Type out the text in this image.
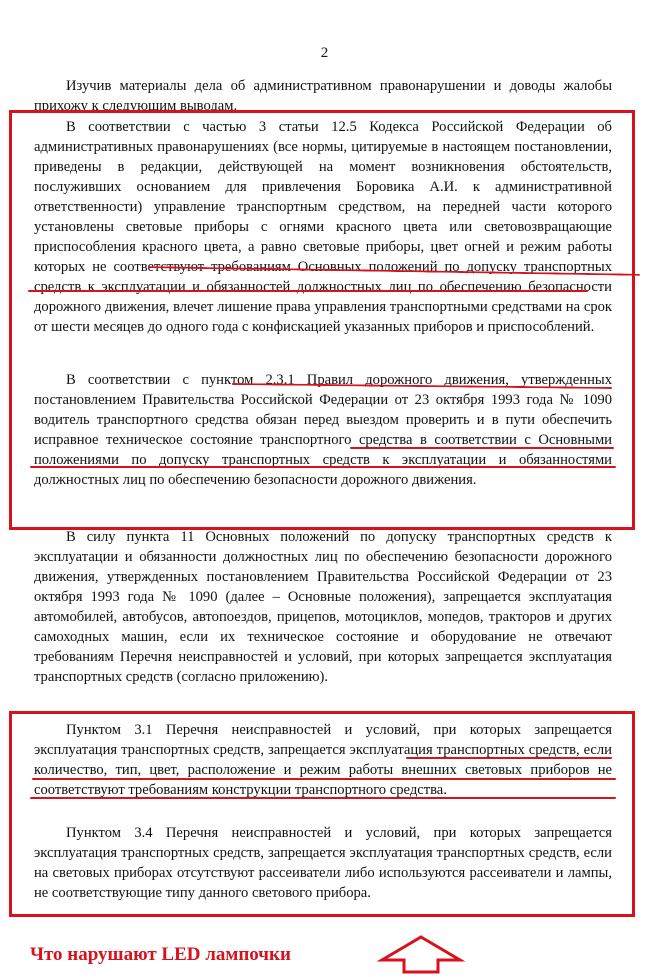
2

Изучив материалы дела об административном правонарушении и доводы жалобы прихожу к следующим выводам.

В соответствии с частью 3 статьи 12.5 Кодекса Российской Федерации об административных правонарушениях (все нормы, цитируемые в настоящем постановлении, приведены в редакции, действующей на момент возникновения обстоятельств, послуживших основанием для привлечения Боровика А.И. к административной ответственности) управление транспортным средством, на передней части которого установлены световые приборы с огнями красного цвета или световозвращающие приспособления красного цвета, а равно световые приборы, цвет огней и режим работы которых не соответствуют требованиям Основных положений по допуску транспортных средств к эксплуатации и обязанностей должностных лиц по обеспечению безопасности дорожного движения, влечет лишение права управления транспортными средствами на срок от шести месяцев до одного года с конфискацией указанных приборов и приспособлений.

В соответствии с пунктом 2.3.1 Правил дорожного движения, утвержденных постановлением Правительства Российской Федерации от 23 октября 1993 года № 1090 водитель транспортного средства обязан перед выездом проверить и в пути обеспечить исправное техническое состояние транспортного средства в соответствии с Основными положениями по допуску транспортных средств к эксплуатации и обязанностями должностных лиц по обеспечению безопасности дорожного движения.

В силу пункта 11 Основных положений по допуску транспортных средств к эксплуатации и обязанности должностных лиц по обеспечению безопасности дорожного движения, утвержденных постановлением Правительства Российской Федерации от 23 октября 1993 года № 1090 (далее – Основные положения), запрещается эксплуатация автомобилей, автобусов, автопоездов, прицепов, мотоциклов, мопедов, тракторов и других самоходных машин, если их техническое состояние и оборудование не отвечают требованиям Перечня неисправностей и условий, при которых запрещается эксплуатация транспортных средств (согласно приложению).

Пунктом 3.1 Перечня неисправностей и условий, при которых запрещается эксплуатация транспортных средств, запрещается эксплуатация транспортных средств, если количество, тип, цвет, расположение и режим работы внешних световых приборов не соответствуют требованиям конструкции транспортного средства.

Пунктом 3.4 Перечня неисправностей и условий, при которых запрещается эксплуатация транспортных средств, запрещается эксплуатация транспортных средств, если на световых приборах отсутствуют рассеиватели либо используются рассеиватели и лампы, не соответствующие типу данного светового прибора.

Что нарушают LED лампочки
